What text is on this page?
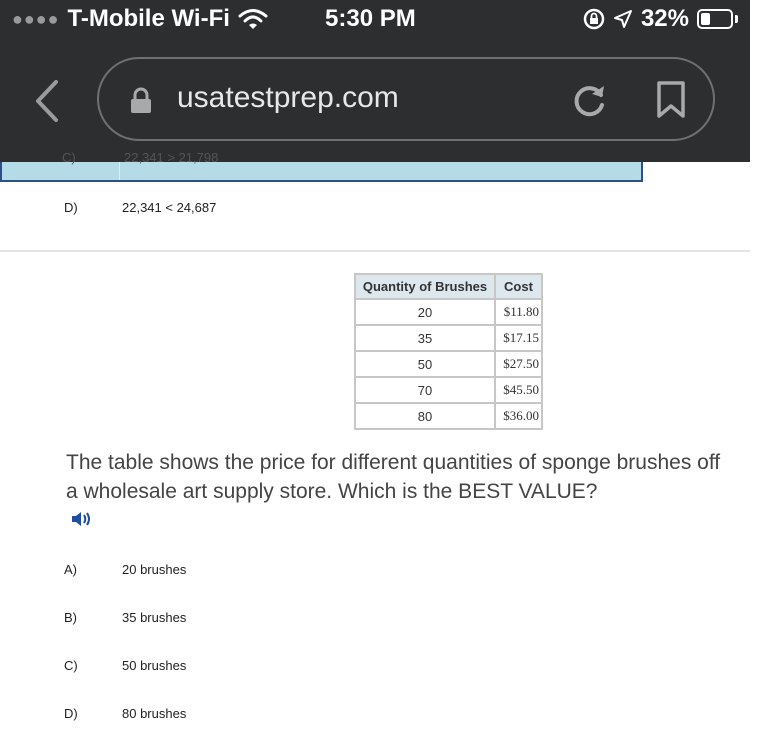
●●●● T-Mobile Wi-Fi	5:30 PM	32%
usatestprep.com
C)	22,341 > 21,798
D)	22,341 < 24,687
Quantity of Brushes	Cost
20	$11.80
35	$17.15
50	$27.50
70	$45.50
80	$36.00
The table shows the price for different quantities of sponge brushes off
a wholesale art supply store. Which is the BEST VALUE?
A)	20 brushes
B)	35 brushes
C)	50 brushes
D)	80 brushes
